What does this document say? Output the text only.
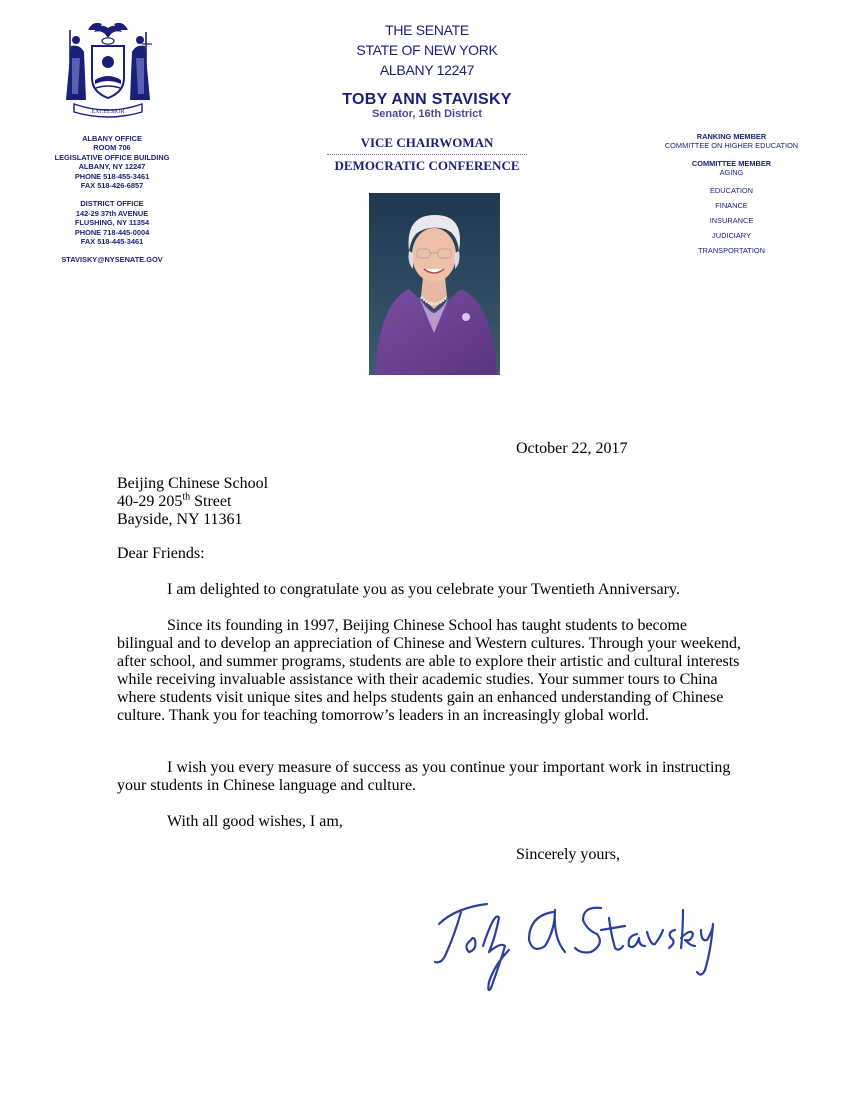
EXCELSIOR
ALBANY OFFICE
ROOM 706
LEGISLATIVE OFFICE BUILDING
ALBANY, NY 12247
PHONE 518-455-3461
FAX 518-426-6857
DISTRICT OFFICE
142-29 37th AVENUE
FLUSHING, NY 11354
PHONE 718-445-0004
FAX 518-445-3461
STAVISKY@NYSENATE.GOV
THE SENATE
STATE OF NEW YORK
ALBANY 12247
TOBY ANN STAVISKY
Senator, 16th District
VICE CHAIRWOMAN
DEMOCRATIC CONFERENCE
RANKING MEMBER
COMMITTEE ON HIGHER EDUCATION
COMMITTEE MEMBER
AGING
EDUCATION
FINANCE
INSURANCE
JUDICIARY
TRANSPORTATION
October 22, 2017
Beijing Chinese School
40-29 205th Street
Bayside, NY 11361
Dear Friends:
I am delighted to congratulate you as you celebrate your Twentieth Anniversary.
Since its founding in 1997, Beijing Chinese School has taught students to become bilingual and to develop an appreciation of Chinese and Western cultures. Through your weekend, after school, and summer programs, students are able to explore their artistic and cultural interests while receiving invaluable assistance with their academic studies. Your summer tours to China where students visit unique sites and helps students gain an enhanced understanding of Chinese culture. Thank you for teaching tomorrow’s leaders in an increasingly global world.
I wish you every measure of success as you continue your important work in instructing your students in Chinese language and culture.
With all good wishes, I am,
Sincerely yours,
